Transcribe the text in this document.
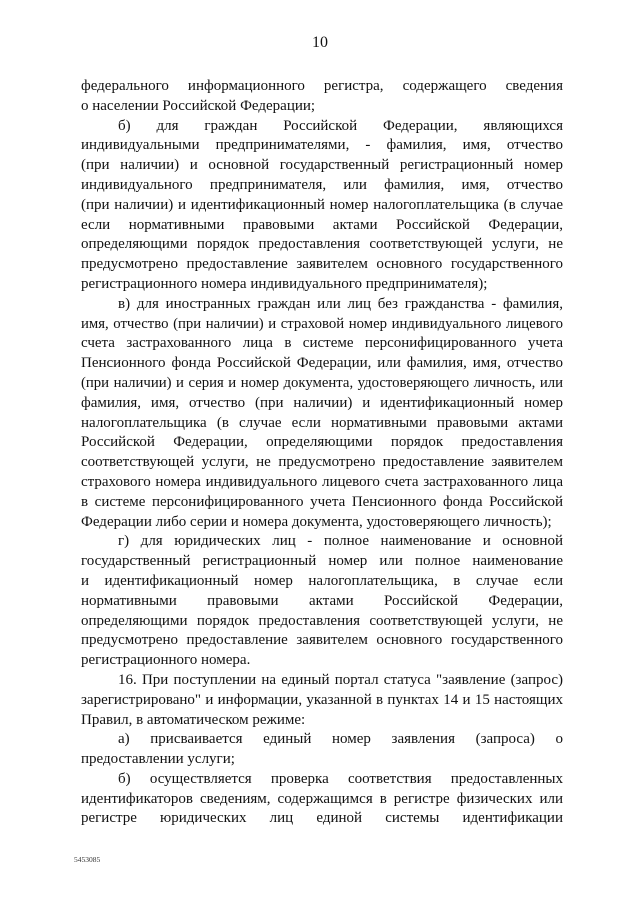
10
федерального информационного регистра, содержащего сведения
о населении Российской Федерации;
б) для граждан Российской Федерации, являющихся
индивидуальными предпринимателями, - фамилия, имя, отчество
(при наличии) и основной государственный регистрационный номер
индивидуального предпринимателя, или фамилия, имя, отчество
(при наличии) и идентификационный номер налогоплательщика (в случае
если нормативными правовыми актами Российской Федерации,
определяющими порядок предоставления соответствующей услуги, не
предусмотрено предоставление заявителем основного государственного
регистрационного номера индивидуального предпринимателя);
в) для иностранных граждан или лиц без гражданства - фамилия,
имя, отчество (при наличии) и страховой номер индивидуального лицевого
счета застрахованного лица в системе персонифицированного учета
Пенсионного фонда Российской Федерации, или фамилия, имя, отчество
(при наличии) и серия и номер документа, удостоверяющего личность, или
фамилия, имя, отчество (при наличии) и идентификационный номер
налогоплательщика (в случае если нормативными правовыми актами
Российской Федерации, определяющими порядок предоставления
соответствующей услуги, не предусмотрено предоставление заявителем
страхового номера индивидуального лицевого счета застрахованного лица
в системе персонифицированного учета Пенсионного фонда Российской
Федерации либо серии и номера документа, удостоверяющего личность);
г) для юридических лиц - полное наименование и основной
государственный регистрационный номер или полное наименование
и идентификационный номер налогоплательщика, в случае если
нормативными правовыми актами Российской Федерации,
определяющими порядок предоставления соответствующей услуги, не
предусмотрено предоставление заявителем основного государственного
регистрационного номера.
16. При поступлении на единый портал статуса "заявление (запрос)
зарегистрировано" и информации, указанной в пунктах 14 и 15 настоящих
Правил, в автоматическом режиме:
а) присваивается единый номер заявления (запроса) о
предоставлении услуги;
б) осуществляется проверка соответствия предоставленных
идентификаторов сведениям, содержащимся в регистре физических или
регистре юридических лиц единой системы идентификации
5453085
